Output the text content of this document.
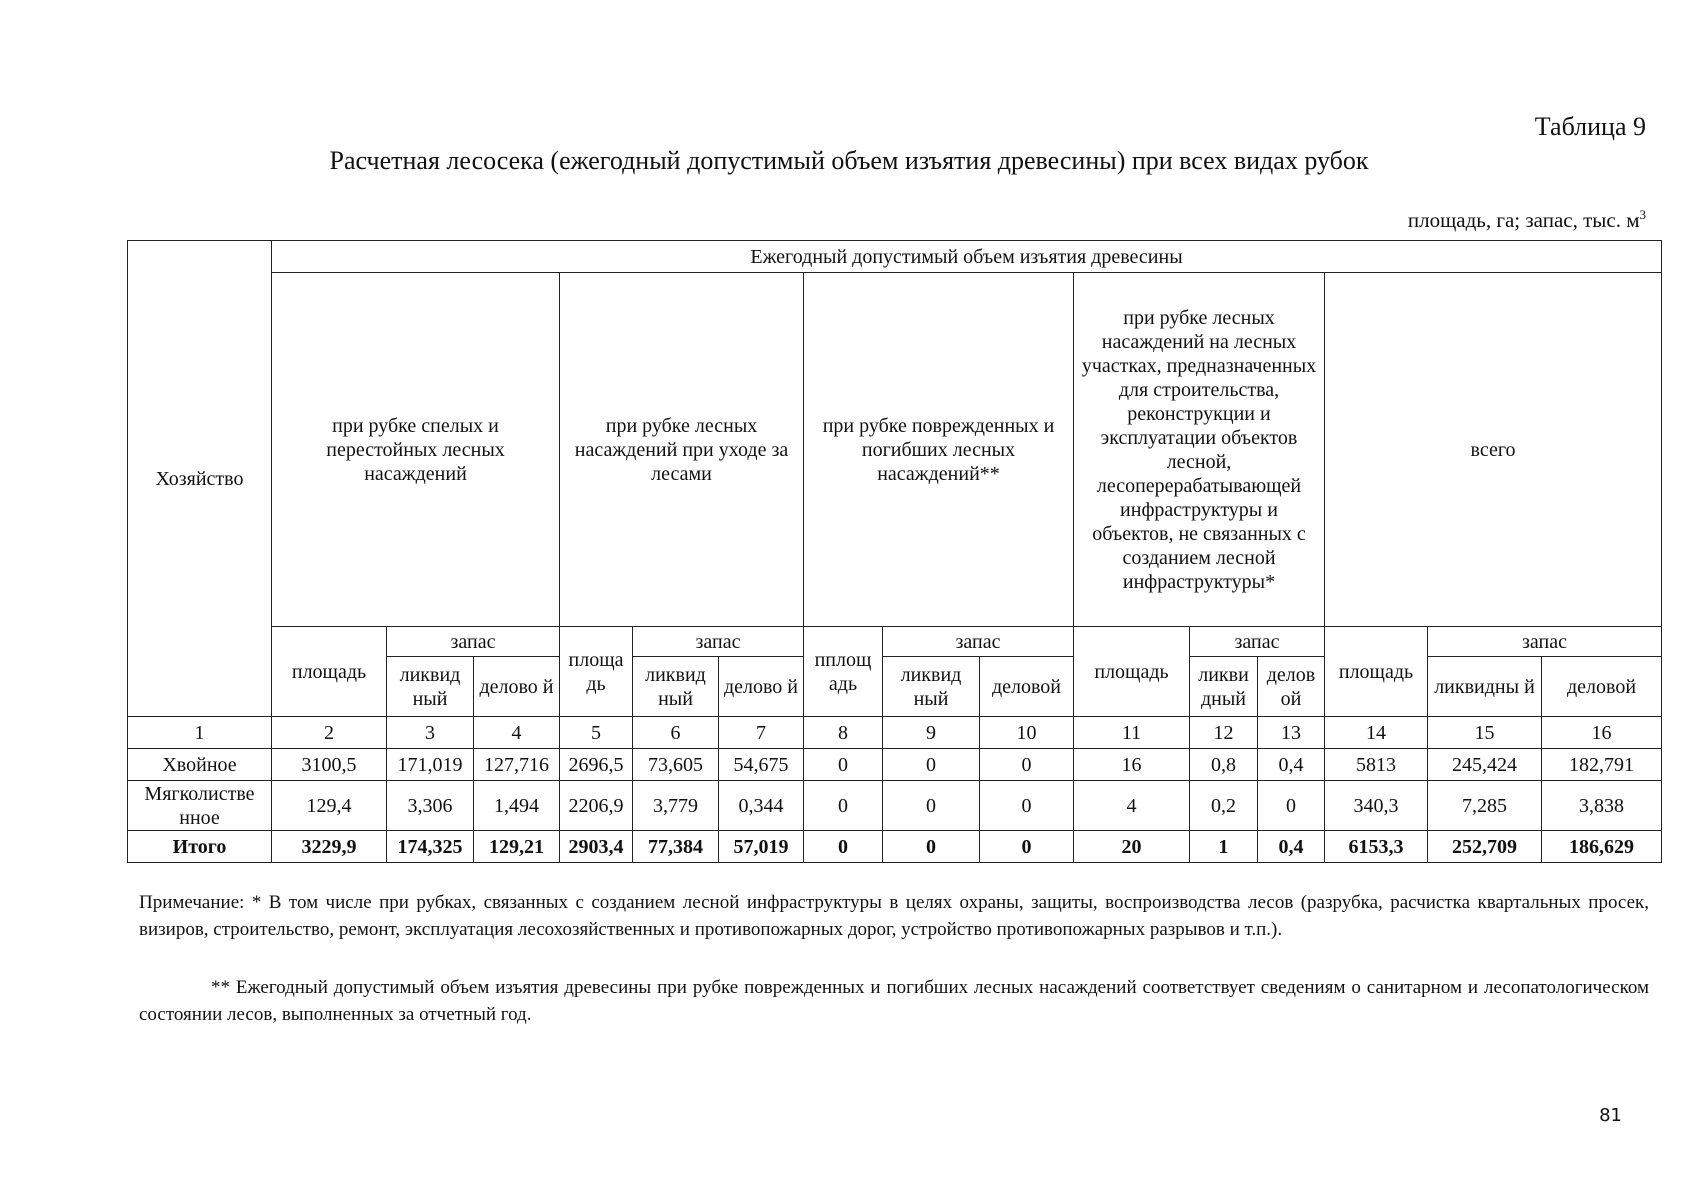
Таблица 9
Расчетная лесосека (ежегодный допустимый объем изъятия древесины) при всех видах рубок
площадь, га; запас, тыс. $м^3$
Хозяйство	Ежегодный допустимый объем изъятия древесины														
	при рубке спелых и перестойных лесных насаждений			при рубке лесных насаждений при уходе за лесами			при рубке поврежденных и погибших лесных насаждений**			при рубке лесных насаждений на лесных участках, предназначенных для строительства, реконструкции и эксплуатации объектов лесной, лесоперерабатывающей инфраструктуры и объектов, не связанных с созданием лесной инфраструктуры*			всего		
	площадь	запас		площа дь	запас		пплощ адь	запас		площадь	запас		площадь	запас	
		ликвид ный	делово й		ликвид ный	делово й		ликвид ный	деловой		ликви дный	делов ой		ликвидны й	деловой
1	2	3	4	5	6	7	8	9	10	11	12	13	14	15	16
Хвойное	3100,5	171,019	127,716	2696,5	73,605	54,675	0	0	0	16	0,8	0,4	5813	245,424	182,791
Мягколистве нное	129,4	3,306	1,494	2206,9	3,779	0,344	0	0	0	4	0,2	0	340,3	7,285	3,838
Итого	3229,9	174,325	129,21	2903,4	77,384	57,019	0	0	0	20	1	0,4	6153,3	252,709	186,629
Примечание: * В том числе при рубках, связанных с созданием лесной инфраструктуры в целях охраны, защиты, воспроизводства лесов (разрубка, расчистка квартальных просек, визиров, строительство, ремонт, эксплуатация лесохозяйственных и противопожарных дорог, устройство противопожарных разрывов и т.п.).
** Ежегодный допустимый объем изъятия древесины при рубке поврежденных и погибших лесных насаждений соответствует сведениям о санитарном и лесопатологическом состоянии лесов, выполненных за отчетный год.
81
